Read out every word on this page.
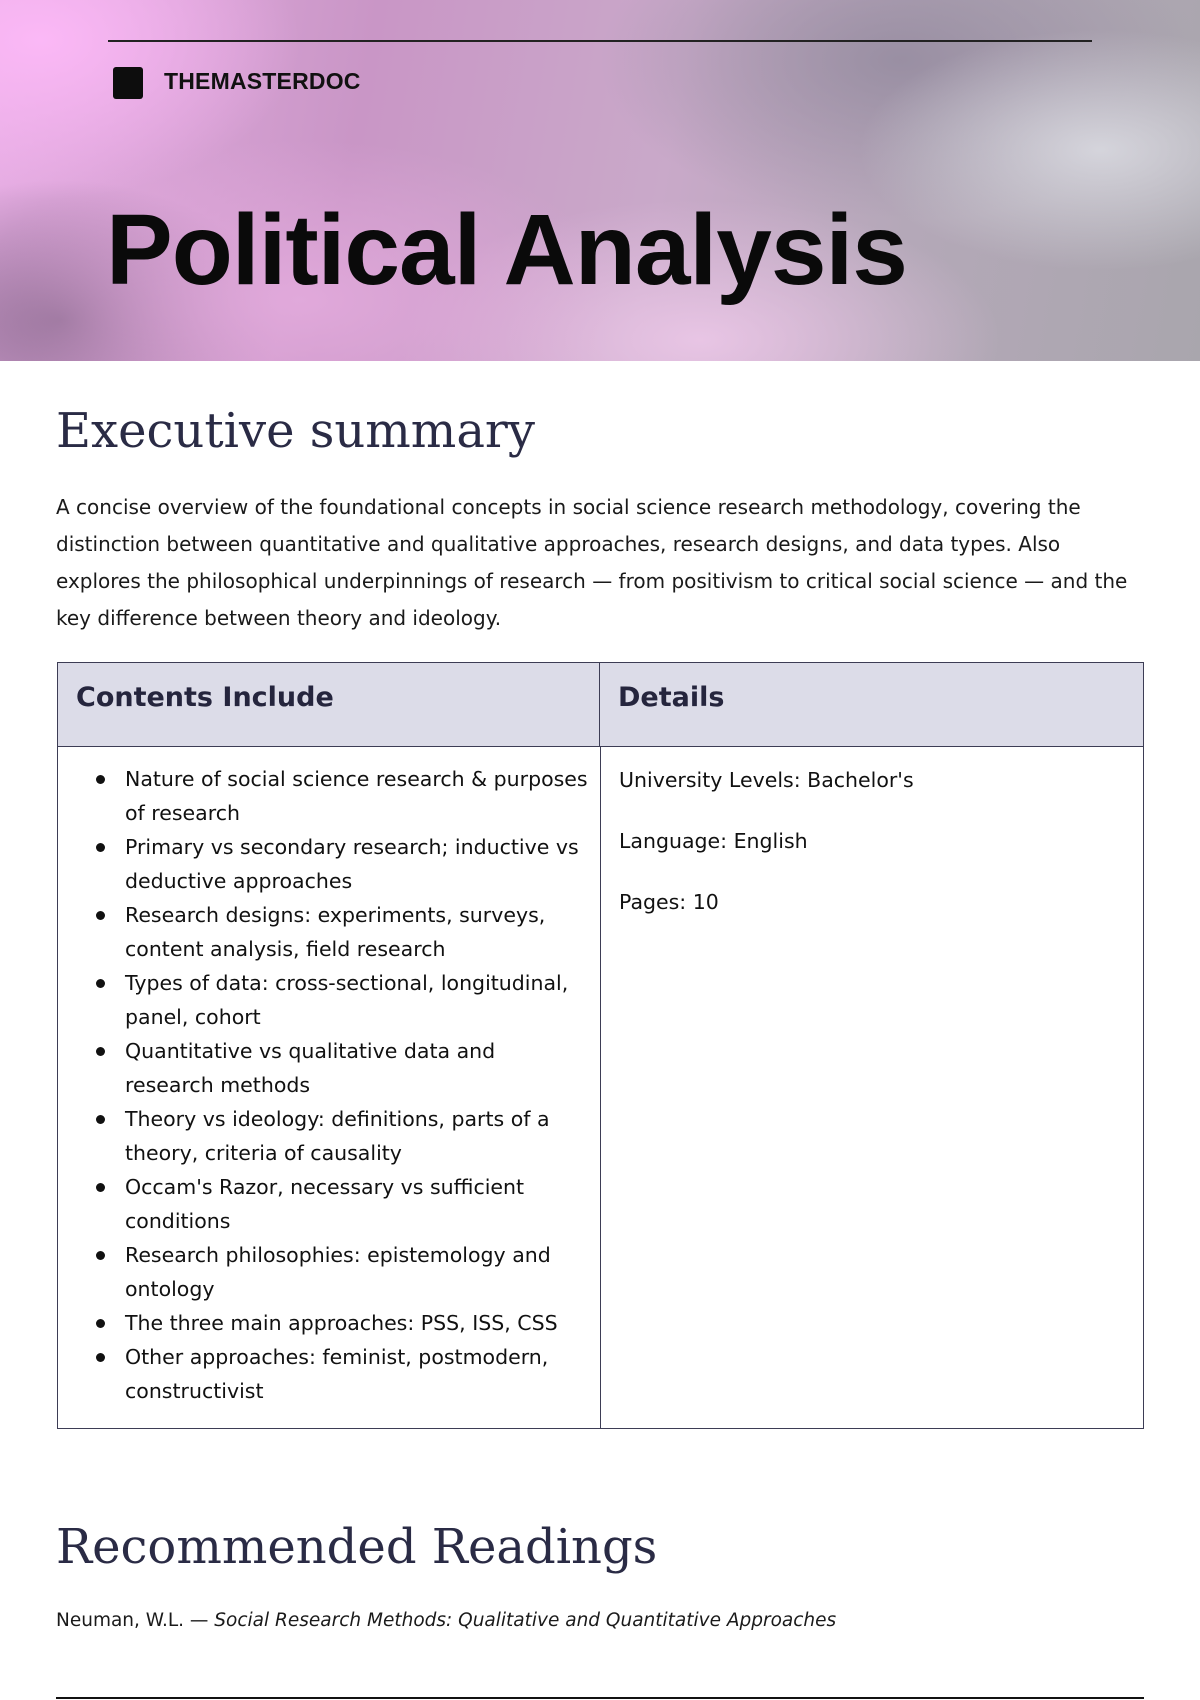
THEMASTERDOC
Political Analysis
Executive summary

A concise overview of the foundational concepts in social science research methodology, covering the distinction between quantitative and qualitative approaches, research designs, and data types. Also explores the philosophical underpinnings of research — from positivism to critical social science — and the key difference between theory and ideology.

Contents Include	Details
Nature of social science research & purposes of research
Primary vs secondary research; inductive vs deductive approaches
Research designs: experiments, surveys, content analysis, field research
Types of data: cross-sectional, longitudinal, panel, cohort
Quantitative vs qualitative data and research methods
Theory vs ideology: definitions, parts of a theory, criteria of causality
Occam's Razor, necessary vs sufficient conditions
Research philosophies: epistemology and ontology
The three main approaches: PSS, ISS, CSS
Other approaches: feminist, postmodern, constructivist

University Levels: Bachelor's

Language: English

Pages: 10

Recommended Readings

Neuman, W.L. — Social Research Methods: Qualitative and Quantitative Approaches
